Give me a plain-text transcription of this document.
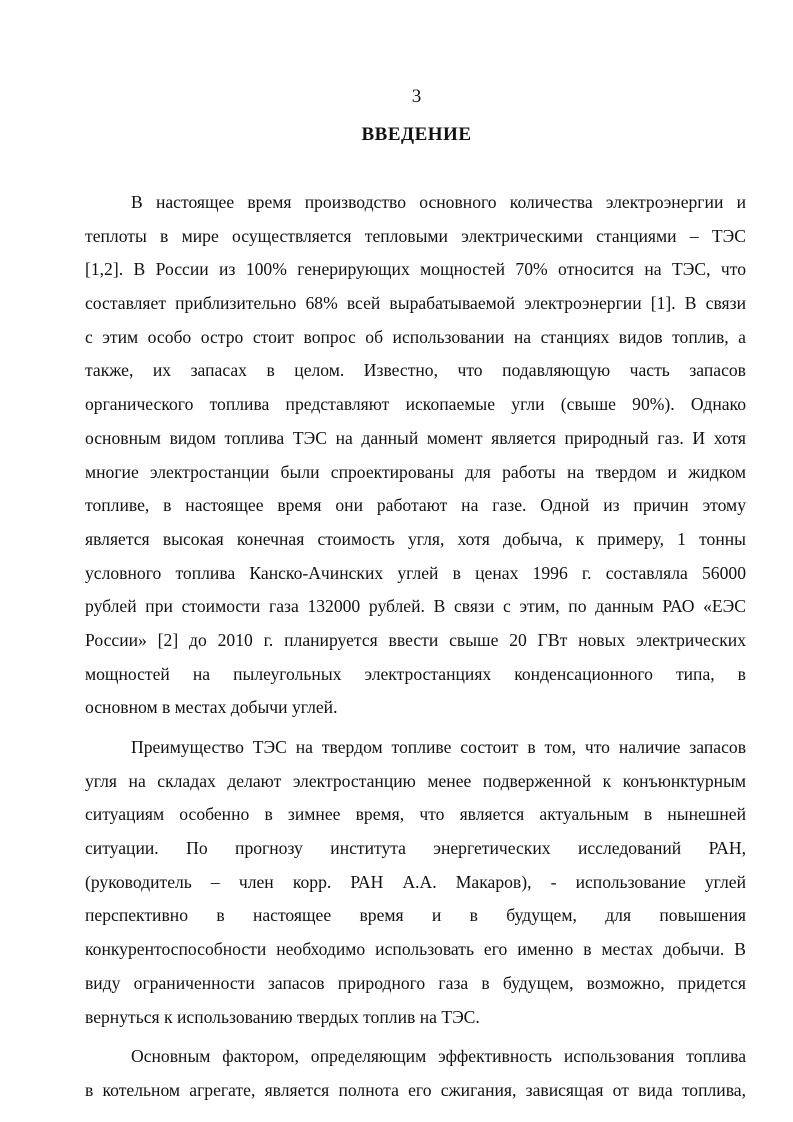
3
ВВЕДЕНИЕ
В настоящее время производство основного количества электроэнергии и
теплоты в мире осуществляется тепловыми электрическими станциями – ТЭС
[1,2]. В России из 100% генерирующих мощностей 70% относится на ТЭС, что
составляет приблизительно 68% всей вырабатываемой электроэнергии [1]. В связи
с этим особо остро стоит вопрос об использовании на станциях видов топлив, а
также, их запасах в целом. Известно, что подавляющую часть запасов
органического топлива представляют ископаемые угли (свыше 90%). Однако
основным видом топлива ТЭС на данный момент является природный газ. И хотя
многие электростанции были спроектированы для работы на твердом и жидком
топливе, в настоящее время они работают на газе. Одной из причин этому
является высокая конечная стоимость угля, хотя добыча, к примеру, 1 тонны
условного топлива Канско-Ачинских углей в ценах 1996 г. составляла 56000
рублей при стоимости газа 132000 рублей. В связи с этим, по данным РАО «ЕЭС
России» [2] до 2010 г. планируется ввести свыше 20 ГВт новых электрических
мощностей на пылеугольных электростанциях конденсационного типа, в
основном в местах добычи углей.
Преимущество ТЭС на твердом топливе состоит в том, что наличие запасов
угля на складах делают электростанцию менее подверженной к конъюнктурным
ситуациям особенно в зимнее время, что является актуальным в нынешней
ситуации. По прогнозу института энергетических исследований РАН,
(руководитель – член корр. РАН А.А. Макаров), - использование углей
перспективно в настоящее время и в будущем, для повышения
конкурентоспособности необходимо использовать его именно в местах добычи. В
виду ограниченности запасов природного газа в будущем, возможно, придется
вернуться к использованию твердых топлив на ТЭС.
Основным фактором, определяющим эффективность использования топлива
в котельном агрегате, является полнота его сжигания, зависящая от вида топлива,
